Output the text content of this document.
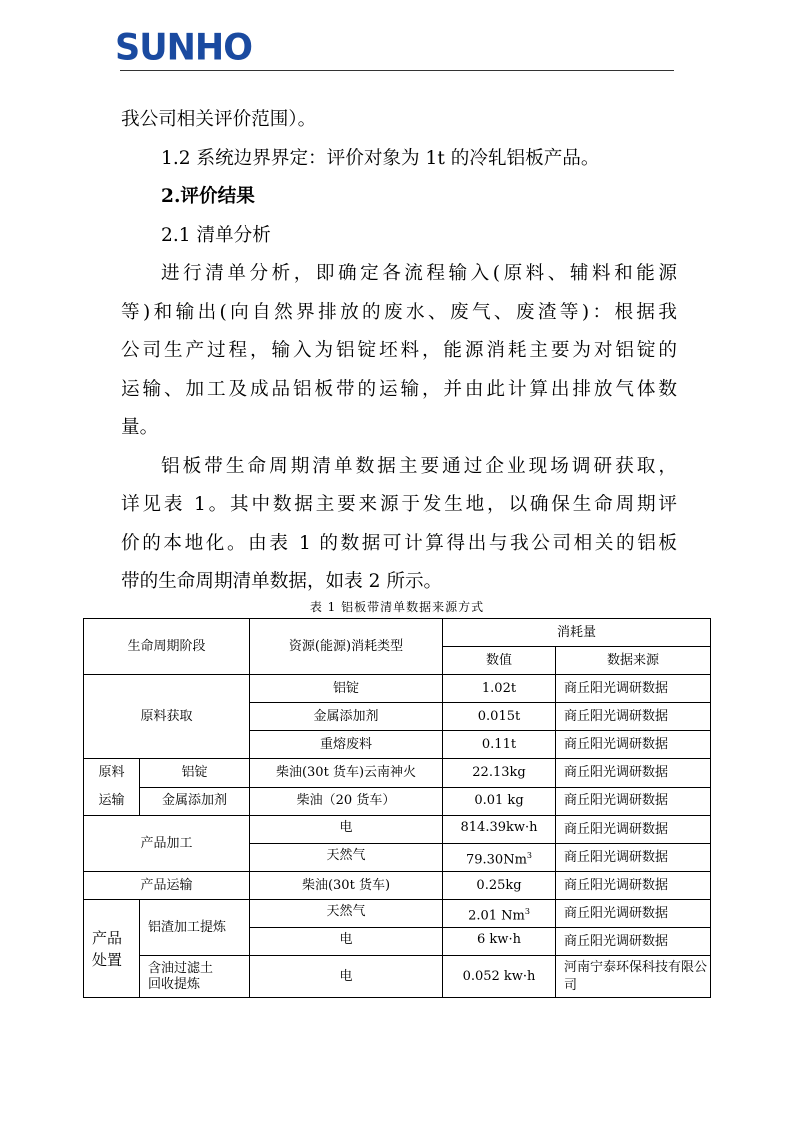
SUNHO
我公司相关评价范围）。
1.2 系统边界界定：评价对象为 1t 的冷轧铝板产品。
2.评价结果
2.1 清单分析
进行清单分析，即确定各流程输入(原料、辅料和能源
等)和输出(向自然界排放的废水、废气、废渣等)：根据我
公司生产过程，输入为铝锭坯料，能源消耗主要为对铝锭的
运输、加工及成品铝板带的运输，并由此计算出排放气体数
量。
铝板带生命周期清单数据主要通过企业现场调研获取，
详见表 1。其中数据主要来源于发生地，以确保生命周期评
价的本地化。由表 1 的数据可计算得出与我公司相关的铝板
带的生命周期清单数据，如表 2 所示。
表 1 铝板带清单数据来源方式
生命周期阶段		资源(能源)消耗类型	消耗量	
			数值	数据来源
原料获取		铝锭	1.02t	商丘阳光调研数据
		金属添加剂	0.015t	商丘阳光调研数据
		重熔废料	0.11t	商丘阳光调研数据

原料
运输	铝锭	柴油(30t 货车)云南神火	22.13kg	商丘阳光调研数据
	金属添加剂	柴油（20 货车）	0.01 kg	商丘阳光调研数据
产品加工		电	814.39kw·h	商丘阳光调研数据
		天然气	79.30Nm$^3$	商丘阳光调研数据
产品运输		柴油(30t 货车)	0.25kg	商丘阳光调研数据

产品
处置	铝渣加工提炼	天然气	2.01 Nm$^3$	商丘阳光调研数据
		电	6 kw·h	商丘阳光调研数据

	含油过滤土
回收提炼	电	0.052 kw·h	河南宁泰环保科技有限公司
